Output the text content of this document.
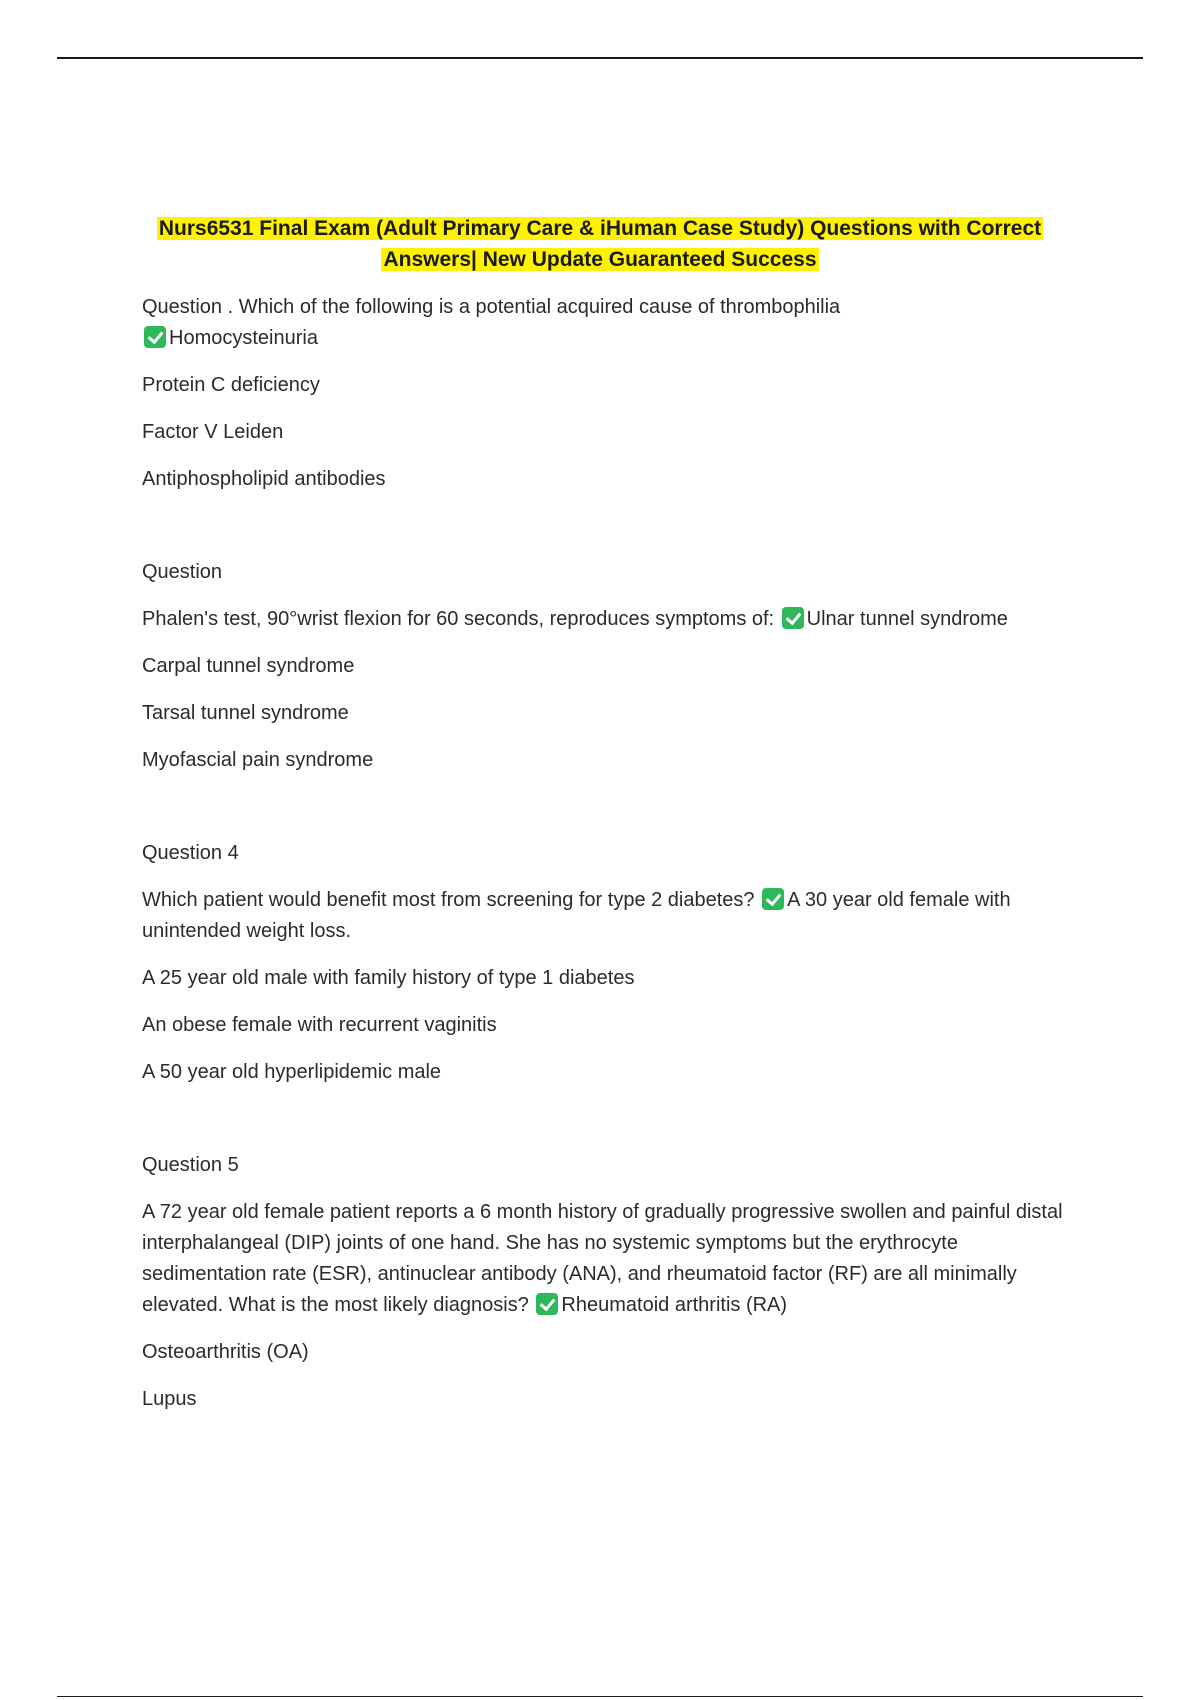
Nurs6531 Final Exam (Adult Primary Care & iHuman Case Study) Questions with Correct
Answers| New Update Guaranteed Success

Question . Which of the following is a potential acquired cause of thrombophilia

Homocysteinuria

Protein C deficiency

Factor V Leiden

Antiphospholipid antibodies

Question

Phalen's test, 90°wrist flexion for 60 seconds, reproduces symptoms of: Ulnar tunnel syndrome

Carpal tunnel syndrome

Tarsal tunnel syndrome

Myofascial pain syndrome

Question 4

Which patient would benefit most from screening for type 2 diabetes? A 30 year old female with unintended weight loss.

A 25 year old male with family history of type 1 diabetes

An obese female with recurrent vaginitis

A 50 year old hyperlipidemic male

Question 5

A 72 year old female patient reports a 6 month history of gradually progressive swollen and painful distal interphalangeal (DIP) joints of one hand. She has no systemic symptoms but the erythrocyte sedimentation rate (ESR), antinuclear antibody (ANA), and rheumatoid factor (RF) are all minimally elevated. What is the most likely diagnosis? Rheumatoid arthritis (RA)

Osteoarthritis (OA)

Lupus
